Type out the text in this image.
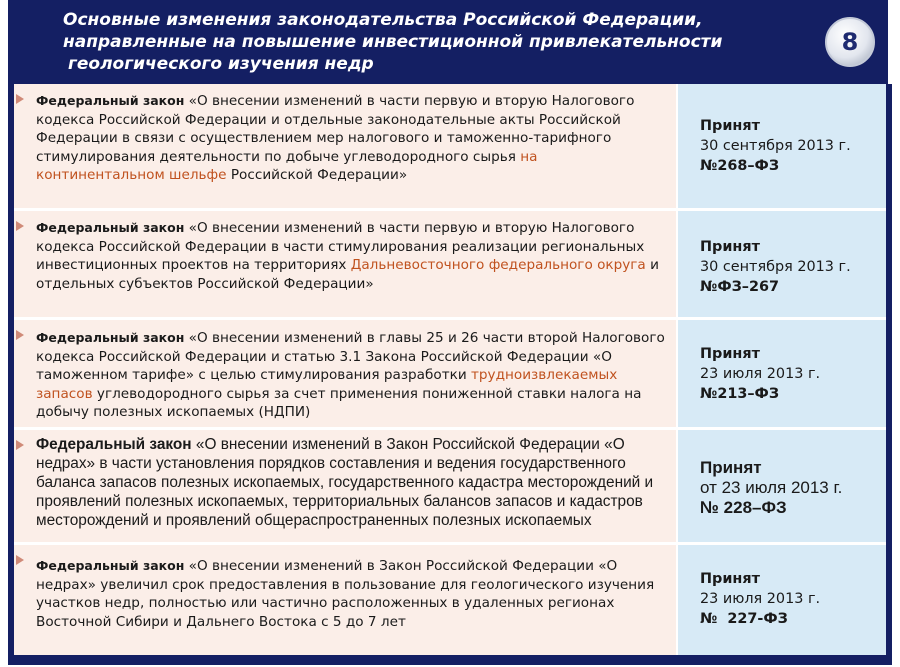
Основные изменения законодательства Российской Федерации,
направленные на повышение инвестиционной привлекательности
геологического изучения недр
8
Федеральный закон «О внесении изменений в части первую и вторую Налогового кодекса Российской Федерации и отдельные законодательные акты Российской Федерации в связи с осуществлением мер налогового и таможенно-тарифного стимулирования деятельности по добыче углеводородного сырья на континентальном шельфе Российской Федерации»
Принят
30 сентября 2013 г.
№268–ФЗ
Федеральный закон «О внесении изменений в части первую и вторую Налогового кодекса Российской Федерации в части стимулирования реализации региональных инвестиционных проектов на территориях Дальневосточного федерального округа и отдельных субъектов Российской Федерации»
Принят
30 сентября 2013 г.
№ФЗ–267
Федеральный закон «О внесении изменений в главы 25 и 26 части второй Налогового кодекса Российской Федерации и статью 3.1 Закона Российской Федерации «О таможенном тарифе» с целью стимулирования разработки трудноизвлекаемых запасов углеводородного сырья за счет применения пониженной ставки налога на добычу полезных ископаемых (НДПИ)
Принят
23 июля 2013 г.
№213–ФЗ
Федеральный закон «О внесении изменений в Закон Российской Федерации «О недрах» в части установления порядков составления и ведения государственного баланса запасов полезных ископаемых, государственного кадастра месторождений и проявлений полезных ископаемых, территориальных балансов запасов и кадастров месторождений и проявлений общераспространенных полезных ископаемых
Принят
от 23 июля 2013 г.
№ 228–ФЗ
Федеральный закон «О внесении изменений в Закон Российской Федерации «О недрах» увеличил срок предоставления в пользование для геологического изучения участков недр, полностью или частично расположенных в удаленных регионах Восточной Сибири и Дальнего Востока с 5 до 7 лет
Принят
23 июля 2013 г.
№  227-ФЗ
